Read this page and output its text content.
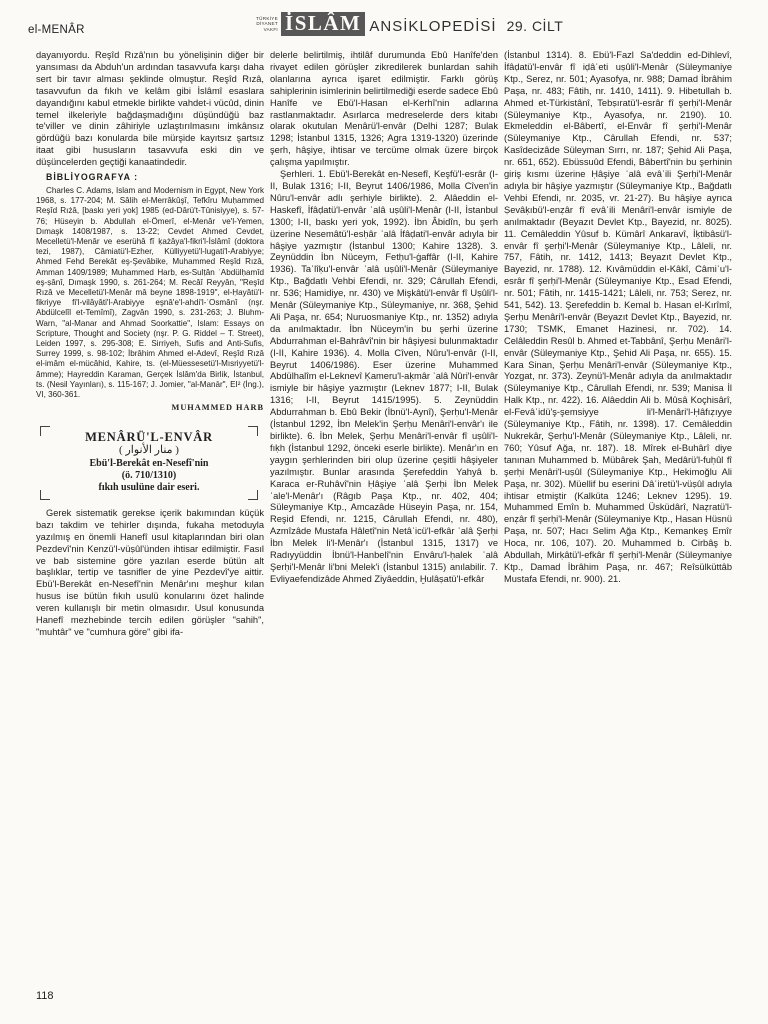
el-MENÂR
TÜRKİYE
DİYANET
VAKFI İSLÂM ANSİKLOPEDİSİ 29. CİLT

dayanıyordu. Reşîd Rızâ'nın bu yönelişinin diğer bir yansıması da Abduh'un ardından tasavvufa karşı daha sert bir tavır alması şeklinde olmuştur. Reşîd Rızâ, tasavvufun da fıkıh ve kelâm gibi İslâmî esaslara dayandığını kabul etmekle birlikte vahdet-i vücûd, dinin temel ilkeleriyle bağdaşmadığını düşündüğü baz te'viller ve dinin zâhiriyle uzlaştırılmasını imkânsız gördüğü bazı konularda bile mürşide kayıtsız şartsız itaat gibi hususların tasavvufa eski din ve düşüncelerden geçtiği kanaatindedir.

BİBLİYOGRAFYA :

Charles C. Adams, Islam and Modernism in Egypt, New York 1968, s. 177-204; M. Sâlih el-Merrâkûşî, Tefkîru Muḥammed Reşîd Rıżâ, [baskı yeri yok] 1985 (ed-Dârü't-Tûnisiyye), s. 57-76; Hüseyin b. Abdullah el-Ömerî, el-Menâr ve'l-Yemen, Dımaşk 1408/1987, s. 13-22; Cevdet Ahmed Cevdet, Mecelletü'l-Menâr ve eserühâ fî ḳażâya'l-fikri'l-İslâmî (doktora tezi, 1987), Câmiatü'l-Ezher, Külliyyetü'l-lugati'l-Arabiyye; Ahmed Fehd Berekât eş-Şevâbike, Muhammed Reşîd Rızâ, Amman 1409/1989; Muhammed Harb, es-Sulṭân ʿAbdülḥamîd eş-ṣânî, Dımaşk 1990, s. 261-264; M. Recâî Reyyân, "Reşîd Rızâ ve Mecelletü'l-Menâr mâ beyne 1898-1919", el-Ḥayâtü'l-fikriyye fi'l-vilâyâti'l-Arabiyye eşnâ'e'l-ahdi'l-ʿOsmânî (nşr. Abdülcelîl et-Temîmî), Zagvân 1990, s. 231-263; J. Bluhm-Warn, "al-Manar and Ahmad Soorkattie", Islam: Essays on Scripture, Thought and Society (nşr. P. G. Riddel – T. Street), Leiden 1997, s. 295-308; E. Sirriyeh, Sufis and Anti-Sufis, Surrey 1999, s. 98-102; İbrâhim Ahmed el-Adevî, Reşîd Rızâ el-imâm el-mücâhid, Kahire, ts. (el-Müessesetü'l-Mısriyyetü'l-âmme); Hayreddin Karaman, Gerçek İslâm'da Birlik, İstanbul, ts. (Nesil Yayınları), s. 115-167; J. Jomier, "al-Manār", EI² (İng.), VI, 360-361.

MUHAMMED HARB
MENÂRÜ'L-ENVÂR
( منار الأنوار )
Ebü'l-Berekât en-Nesefî'nin
(ö. 710/1310)
fıkıh usulüne dair eseri.

Gerek sistematik gerekse içerik bakımından küçük bazı takdim ve tehirler dışında, fukaha metoduyla yazılmış en önemli Hanefî usul kitaplarından biri olan Pezdevî'nin Kenzü'l-vüṣûl'ünden ihtisar edilmiştir. Fasıl ve bab sistemine göre yazılan eserde bütün alt başlıklar, tertip ve tasnifler de yine Pezdevî'ye aittir. Ebü'l-Berekât en-Nesefî'nin Menâr'ını meşhur kılan husus ise bütün fıkıh usulü konularını özet halinde veren kullanışlı bir metin olmasıdır. Usul konusunda Hanefî mezhebinde tercih edilen görüşler "sahih", "muhtâr" ve "cumhura göre" gibi ifa-

delerle belirtilmiş, ihtilâf durumunda Ebû Hanîfe'den rivayet edilen görüşler zikredilerek bunlardan sahih olanlarına ayrıca işaret edilmiştir. Farklı görüş sahiplerinin isimlerinin belirtilmediği eserde sadece Ebû Hanîfe ve Ebü'l-Hasan el-Kerhî'nin adlarına rastlanmaktadır. Asırlarca medreselerde ders kitabı olarak okutulan Menârü'l-envâr (Delhi 1287; Bulak 1298; İstanbul 1315, 1326; Agra 1319-1320) üzerinde şerh, hâşiye, ihtisar ve tercüme olmak üzere birçok çalışma yapılmıştır.

Şerhleri. 1. Ebü'l-Berekât en-Nesefî, Keşfü'l-esrâr (I-II, Bulak 1316; I-II, Beyrut 1406/1986, Molla Cîven'in Nûru'l-envâr adlı şerhiyle birlikte). 2. Alâeddin el-Haskefî, İfâḍatü'l-envâr ʿalâ uṣûli'l-Menâr (I-II, İstanbul 1300; I-II, baskı yeri yok, 1992). İbn Âbidîn, bu şerh üzerine Nesemâtü'l-esḥâr ʿalâ İfâḍati'l-envâr adıyla bir hâşiye yazmıştır (İstanbul 1300; Kahire 1328). 3. Zeynüddin İbn Nüceym, Fetḥu'l-ġaffâr (I-II, Kahire 1936). Taʿlîḳu'l-envâr ʿalâ uṣûli'l-Menâr (Süleymaniye Ktp., Bağdatlı Vehbi Efendi, nr. 329; Cârullah Efendi, nr. 536; Hamidiye, nr. 430) ve Mişkâtü'l-envâr fî Uṣûli'l-Menâr (Süleymaniye Ktp., Süleymaniye, nr. 368, Şehid Ali Paşa, nr. 654; Nuruosmaniye Ktp., nr. 1352) adıyla da anılmaktadır. İbn Nüceym'in bu şerhi üzerine Abdurrahman el-Bahrâvî'nin bir hâşiyesi bulunmaktadır (I-II, Kahire 1936). 4. Molla Cîven, Nûru'l-envâr (I-II, Beyrut 1406/1986). Eser üzerine Muhammed Abdülhalîm el-Leknevî Ḳameru'l-aḳmâr ʿalâ Nûri'l-envâr ismiyle bir hâşiye yazmıştır (Leknev 1877; I-II, Bulak 1316; I-II, Beyrut 1415/1995). 5. Zeynüddin Abdurrahman b. Ebû Bekir (İbnü'l-Aynî), Şerḥu'l-Menâr (İstanbul 1292, İbn Melek'in Şerḥu Menâri'l-envâr'ı ile birlikte). 6. İbn Melek, Şerḥu Menâri'l-envâr fî uṣûli'l-fıḳh (İstanbul 1292, önceki eserle birlikte). Menâr'ın en yaygın şerhlerinden biri olup üzerine çeşitli hâşiyeler yazılmıştır. Bunlar arasında Şerefeddin Yahyâ b. Karaca er-Ruhâvî'nin Ḥâşiye ʿalâ Şerḥi İbn Melek ʿale'l-Menâr'ı (Râgıb Paşa Ktp., nr. 402, 404; Süleymaniye Ktp., Amcazâde Hüseyin Paşa, nr. 154, Reşid Efendi, nr. 1215, Cârullah Efendi, nr. 480), Azmîzâde Mustafa Hâletî'nin Netâʾicü'l-efkâr ʿalâ Şerḥi İbn Melek li'l-Menâr'ı (İstanbul 1315, 1317) ve Radıyyüddin İbnü'l-Hanbelî'nin Envâru'l-ḥalek ʿalâ Şerḥi'l-Menâr li'bni Melek'i (İstanbul 1315) anılabilir. 7. Evliyaefendizâde Ahmed Ziyâeddin, Ḫulâṣatü'l-efkâr

(İstanbul 1314). 8. Ebü'l-Fazl Sa'deddin ed-Dihlevî, İfâḍatü'l-envâr fî iḍâʾeti uṣûli'l-Menâr (Süleymaniye Ktp., Serez, nr. 501; Ayasofya, nr. 988; Damad İbrâhim Paşa, nr. 483; Fâtih, nr. 1410, 1411). 9. Hibetullah b. Ahmed et-Türkistânî, Tebṣıratü'l-esrâr fî şerḥi'l-Menâr (Süleymaniye Ktp., Ayasofya, nr. 2190). 10. Ekmeleddin el-Bâbertî, el-Envâr fî şerḥi'l-Menâr (Süleymaniye Ktp., Cârullah Efendi, nr. 537; Kasîdecizâde Süleyman Sırrı, nr. 187; Şehid Ali Paşa, nr. 651, 652). Ebüssuûd Efendi, Bâbertî'nin bu şerhinin giriş kısmı üzerine Ḥâşiye ʿalâ evâʾili Şerḥi'l-Menâr adıyla bir hâşiye yazmıştır (Süleymaniye Ktp., Bağdatlı Vehbi Efendi, nr. 2035, vr. 21-27). Bu hâşiye ayrıca Ṣevâḳıbü'l-enẓâr fî evâʾili Menâri'l-envâr ismiyle de anılmaktadır (Beyazıt Devlet Ktp., Bayezid, nr. 8025). 11. Cemâleddin Yûsuf b. Kümârî Ankaravî, İḳtibâsü'l-envâr fî şerḥi'l-Menâr (Süleymaniye Ktp., Lâleli, nr. 757, Fâtih, nr. 1412, 1413; Beyazıt Devlet Ktp., Bayezid, nr. 1788). 12. Kıvâmüddin el-Kâkî, Câmiʿu'l-esrâr fî şerḥi'l-Menâr (Süleymaniye Ktp., Esad Efendi, nr. 501; Fâtih, nr. 1415-1421; Lâleli, nr. 753; Serez, nr. 541, 542). 13. Şerefeddin b. Kemal b. Hasan el-Kırîmî, Şerḥu Menâri'l-envâr (Beyazıt Devlet Ktp., Bayezid, nr. 1730; TSMK, Emanet Hazinesi, nr. 702). 14. Celâleddin Resûl b. Ahmed et-Tabbânî, Şerḥu Menâri'l-envâr (Süleymaniye Ktp., Şehid Ali Paşa, nr. 655). 15. Kara Sinan, Şerḥu Menâri'l-envâr (Süleymaniye Ktp., Yozgat, nr. 373). Zeynü'l-Menâr adıyla da anılmaktadır (Süleymaniye Ktp., Cârullah Efendi, nr. 539; Manisa İl Halk Ktp., nr. 422). 16. Alâeddin Ali b. Mûsâ Koçhisârî, el-Fevâʾidü'ş-şemsiyye li'l-Menâri'l-Ḥâfıẓıyye (Süleymaniye Ktp., Fâtih, nr. 1398). 17. Cemâleddin Nukrekâr, Şerḥu'l-Menâr (Süleymaniye Ktp., Lâleli, nr. 760; Yûsuf Ağa, nr. 187). 18. Mîrek el-Buhârî diye tanınan Muhammed b. Mübârek Şah, Medârü'l-fuḥûl fî şerḥi Menâri'l-uṣûl (Süleymaniye Ktp., Hekimoğlu Ali Paşa, nr. 302). Müellif bu eserini Dâʾiretü'l-vüṣûl adıyla ihtisar etmiştir (Kalküta 1246; Leknev 1295). 19. Muhammed Emîn b. Muhammed Üsküdârî, Naẓratü'l-enẓâr fî şerḥi'l-Menâr (Süleymaniye Ktp., Hasan Hüsnü Paşa, nr. 507; Hacı Selim Ağa Ktp., Kemankeş Emîr Hoca, nr. 106, 107). 20. Muhammed b. Cirbâş b. Abdullah, Mirḳâtü'l-efkâr fî şerḥi'l-Menâr (Süleymaniye Ktp., Damad İbrâhim Paşa, nr. 467; Reîsülküttâb Mustafa Efendi, nr. 900). 21.

118
